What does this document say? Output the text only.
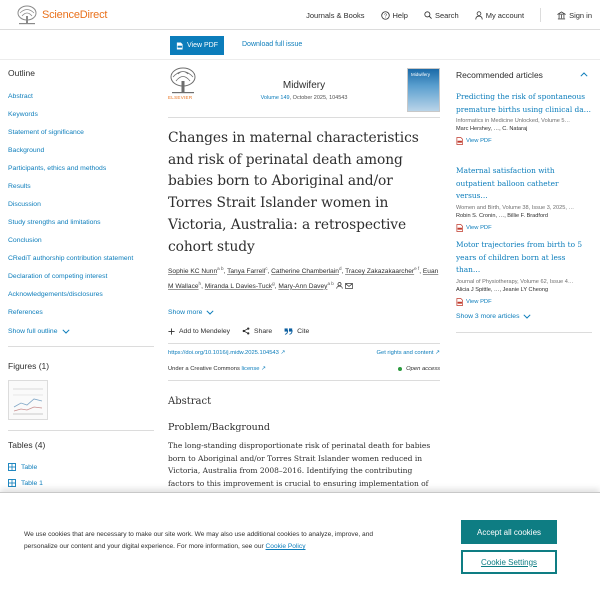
ScienceDirect	Journals & Books	? Help	Search	My account	Sign in
View PDF	Download full issue
Outline
Abstract
Keywords
Statement of significance
Background
Participants, ethics and methods
Results
Discussion
Study strengths and limitations
Conclusion
CRediT authorship contribution statement
Declaration of competing interest
Acknowledgements/disclosures
References
Show full outline
Figures (1)
Tables (4)
Table
Table 1
ELSEVIER
Midwifery
Volume 149, October 2025, 104543
Midwifery
Changes in maternal characteristics and risk of perinatal death among babies born to Aboriginal and/or Torres Strait Islander women in Victoria, Australia: a retrospective cohort study
Sophie KC Nunn$^{a b}$, Tanya Farrell$^c$, Catherine Chamberlain$^d$, Tracey Zakazakaarcher$^{e f}$, Euan M Wallace$^h$, Miranda L Davies-Tuck$^g$, Mary-Ann Davey$^{a b}$
Show more
Add to Mendeley	Share	Cite
https://doi.org/10.1016/j.midw.2025.104543 ↗	Get rights and content ↗
Under a Creative Commons license ↗	Open access
Abstract
Problem/Background

The long-standing disproportionate risk of perinatal death for babies born to Aboriginal and/or Torres Strait Islander women reduced in Victoria, Australia from 2008–2016. Identifying the contributing factors to this improvement is crucial to ensuring implementation of

Recommended articles
Predicting the risk of spontaneous premature births using clinical da…
Informatics in Medicine Unlocked, Volume 5…
Marc Hershey, …, C. Nataraj
View PDF
Maternal satisfaction with outpatient balloon catheter versus…
Women and Birth, Volume 38, Issue 3, 2025, …
Robin S. Cronin, …, Billie F. Bradford
View PDF
Motor trajectories from birth to 5 years of children born at less than…
Journal of Physiotherapy, Volume 62, Issue 4…
Alicia J Spittle, …, Jeanie LY Cheong
View PDF
Show 3 more articles

We use cookies that are necessary to make our site work. We may also use additional cookies to analyze, improve, and personalize our content and your digital experience. For more information, see our Cookie Policy

Accept all cookies
Cookie Settings
